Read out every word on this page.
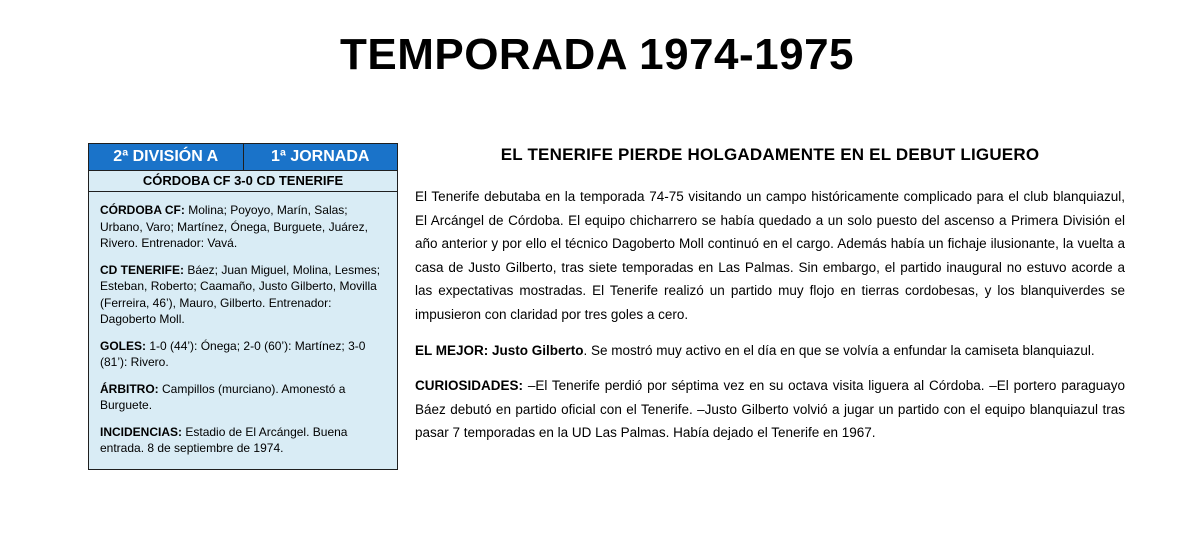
TEMPORADA 1974-1975
2ª DIVISIÓN A	1ª JORNADA
CÓRDOBA CF 3-0 CD TENERIFE

CÓRDOBA CF: Molina; Poyoyo, Marín, Salas; Urbano, Varo; Martínez, Ónega, Burguete, Juárez, Rivero. Entrenador: Vavá.

CD TENERIFE: Báez; Juan Miguel, Molina, Lesmes; Esteban, Roberto; Caamaño, Justo Gilberto, Movilla (Ferreira, 46’), Mauro, Gilberto. Entrenador: Dagoberto Moll.

GOLES: 1-0 (44’): Ónega; 2-0 (60’): Martínez; 3-0 (81’): Rivero.

ÁRBITRO: Campillos (murciano). Amonestó a Burguete.

INCIDENCIAS: Estadio de El Arcángel. Buena entrada. 8 de septiembre de 1974.

EL TENERIFE PIERDE HOLGADAMENTE EN EL DEBUT LIGUERO

El Tenerife debutaba en la temporada 74-75 visitando un campo históricamente complicado para el club blanquiazul, El Arcángel de Córdoba. El equipo chicharrero se había quedado a un solo puesto del ascenso a Primera División el año anterior y por ello el técnico Dagoberto Moll continuó en el cargo. Además había un fichaje ilusionante, la vuelta a casa de Justo Gilberto, tras siete temporadas en Las Palmas. Sin embargo, el partido inaugural no estuvo acorde a las expectativas mostradas. El Tenerife realizó un partido muy flojo en tierras cordobesas, y los blanquiverdes se impusieron con claridad por tres goles a cero.

EL MEJOR: Justo Gilberto. Se mostró muy activo en el día en que se volvía a enfundar la camiseta blanquiazul.

CURIOSIDADES: –El Tenerife perdió por séptima vez en su octava visita liguera al Córdoba. –El portero paraguayo Báez debutó en partido oficial con el Tenerife. –Justo Gilberto volvió a jugar un partido con el equipo blanquiazul tras pasar 7 temporadas en la UD Las Palmas. Había dejado el Tenerife en 1967.
